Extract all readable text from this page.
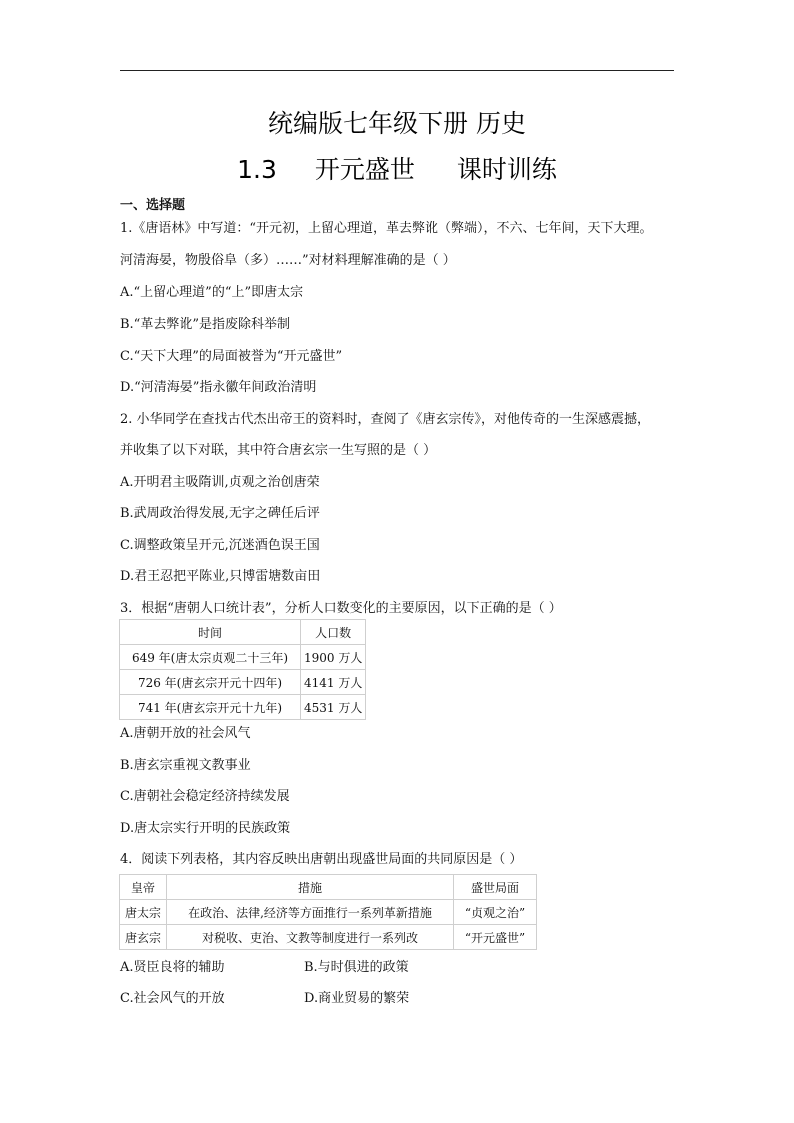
统编版七年级下册 历史
1.3 开元盛世 课时训练
一、选择题
1.《唐语林》中写道：“开元初，上留心理道，革去弊讹（弊端），不六、七年间，天下大理。
河清海晏，物殷俗阜（多）……”对材料理解准确的是（ ）
A.“上留心理道”的“上”即唐太宗
B.“革去弊讹”是指废除科举制
C.“天下大理”的局面被誉为“开元盛世”
D.“河清海晏”指永徽年间政治清明
2. 小华同学在查找古代杰出帝王的资料时，查阅了《唐玄宗传》，对他传奇的一生深感震撼，
并收集了以下对联，其中符合唐玄宗一生写照的是（ ）
A.开明君主吸隋训,贞观之治创唐荣
B.武周政治得发展,无字之碑任后评
C.调整政策呈开元,沉迷酒色误王国
D.君王忍把平陈业,只博雷塘数亩田
3．根据“唐朝人口统计表”，分析人口数变化的主要原因，以下正确的是（ ）
时间	人口数
649 年(唐太宗贞观二十三年)	1900 万人
726 年(唐玄宗开元十四年)	4141 万人
741 年(唐玄宗开元十九年)	4531 万人
A.唐朝开放的社会风气
B.唐玄宗重视文教事业
C.唐朝社会稳定经济持续发展
D.唐太宗实行开明的民族政策
4．阅读下列表格，其内容反映出唐朝出现盛世局面的共同原因是（ ）
皇帝	措施	盛世局面
唐太宗	在政治、法律,经济等方面推行一系列革新措施	“贞观之治”
唐玄宗	对税收、吏治、文教等制度进行一系列改	“开元盛世”
A.贤臣良将的辅助	B.与时俱进的政策
C.社会风气的开放	D.商业贸易的繁荣
